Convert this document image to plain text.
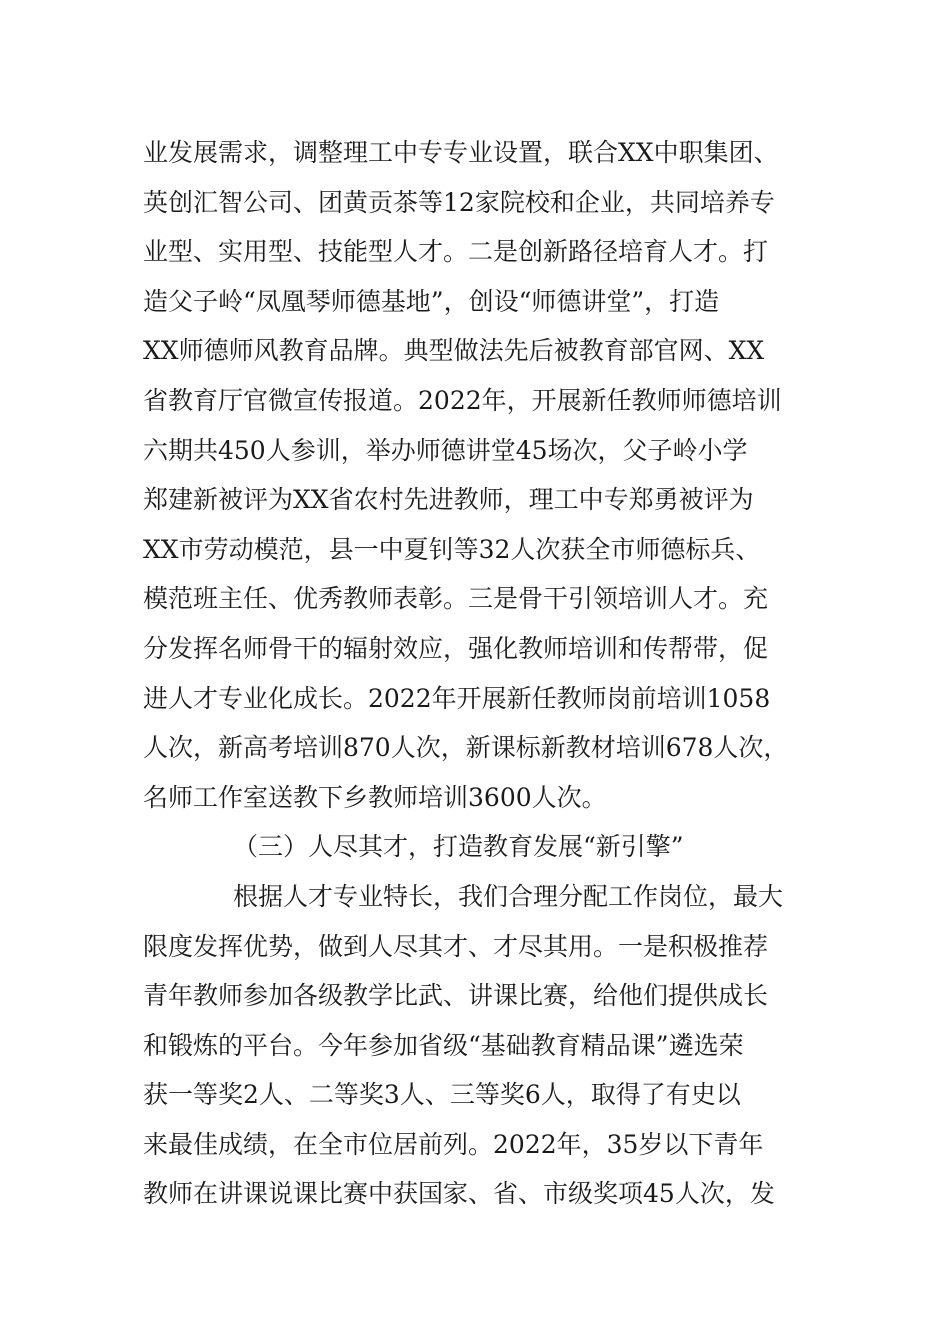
业发展需求，调整理工中专专业设置，联合XX中职集团、
英创汇智公司、团黄贡茶等12家院校和企业，共同培养专
业型、实用型、技能型人才。二是创新路径培育人才。打
造父子岭“凤凰琴师德基地”，创设“师德讲堂”，打造
XX师德师风教育品牌。典型做法先后被教育部官网、XX
省教育厅官微宣传报道。2022年，开展新任教师师德培训
六期共450人参训，举办师德讲堂45场次，父子岭小学
郑建新被评为XX省农村先进教师，理工中专郑勇被评为
XX市劳动模范，县一中夏钊等32人次获全市师德标兵、
模范班主任、优秀教师表彰。三是骨干引领培训人才。充
分发挥名师骨干的辐射效应，强化教师培训和传帮带，促
进人才专业化成长。2022年开展新任教师岗前培训1058
人次，新高考培训870人次，新课标新教材培训678人次，
名师工作室送教下乡教师培训3600人次。
（三）人尽其才，打造教育发展“新引擎”
根据人才专业特长，我们合理分配工作岗位，最大
限度发挥优势，做到人尽其才、才尽其用。一是积极推荐
青年教师参加各级教学比武、讲课比赛，给他们提供成长
和锻炼的平台。今年参加省级“基础教育精品课”遴选荣
获一等奖2人、二等奖3人、三等奖6人，取得了有史以
来最佳成绩，在全市位居前列。2022年，35岁以下青年
教师在讲课说课比赛中获国家、省、市级奖项45人次，发
